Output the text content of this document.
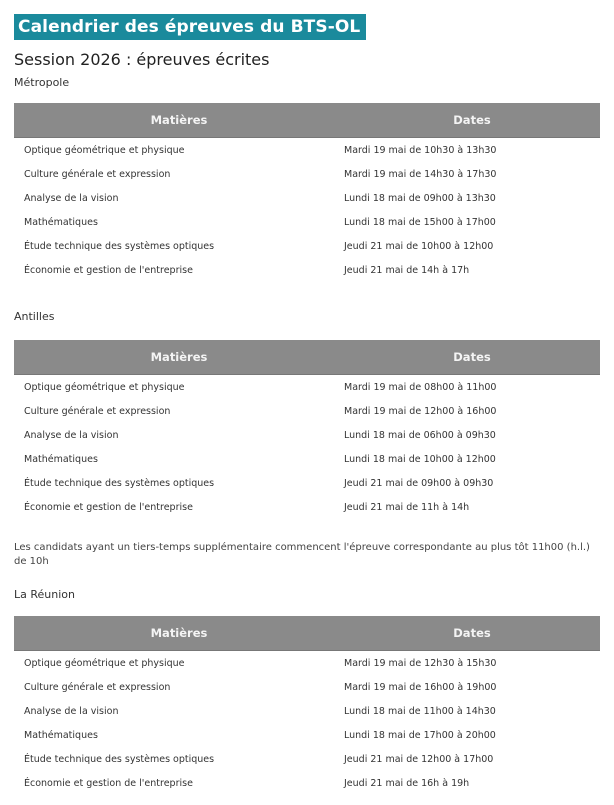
Calendrier des épreuves du BTS-OL
Session 2026 : épreuves écrites
Métropole
Matières	Dates
Optique géométrique et physique	Mardi 19 mai de 10h30 à 13h30
Culture générale et expression	Mardi 19 mai de 14h30 à 17h30
Analyse de la vision	Lundi 18 mai de 09h00 à 13h30
Mathématiques	Lundi 18 mai de 15h00 à 17h00
Étude technique des systèmes optiques	Jeudi 21 mai de 10h00 à 12h00
Économie et gestion de l'entreprise	Jeudi 21 mai de 14h à 17h
Antilles
Matières	Dates
Optique géométrique et physique	Mardi 19 mai de 08h00 à 11h00
Culture générale et expression	Mardi 19 mai de 12h00 à 16h00
Analyse de la vision	Lundi 18 mai de 06h00 à 09h30
Mathématiques	Lundi 18 mai de 10h00 à 12h00
Étude technique des systèmes optiques	Jeudi 21 mai de 09h00 à 09h30
Économie et gestion de l'entreprise	Jeudi 21 mai de 11h à 14h
Les candidats ayant un tiers-temps supplémentaire commencent l'épreuve correspondante au plus tôt 11h00 (h.l.) de 10h
La Réunion
Matières	Dates
Optique géométrique et physique	Mardi 19 mai de 12h30 à 15h30
Culture générale et expression	Mardi 19 mai de 16h00 à 19h00
Analyse de la vision	Lundi 18 mai de 11h00 à 14h30
Mathématiques	Lundi 18 mai de 17h00 à 20h00
Étude technique des systèmes optiques	Jeudi 21 mai de 12h00 à 17h00
Économie et gestion de l'entreprise	Jeudi 21 mai de 16h à 19h
